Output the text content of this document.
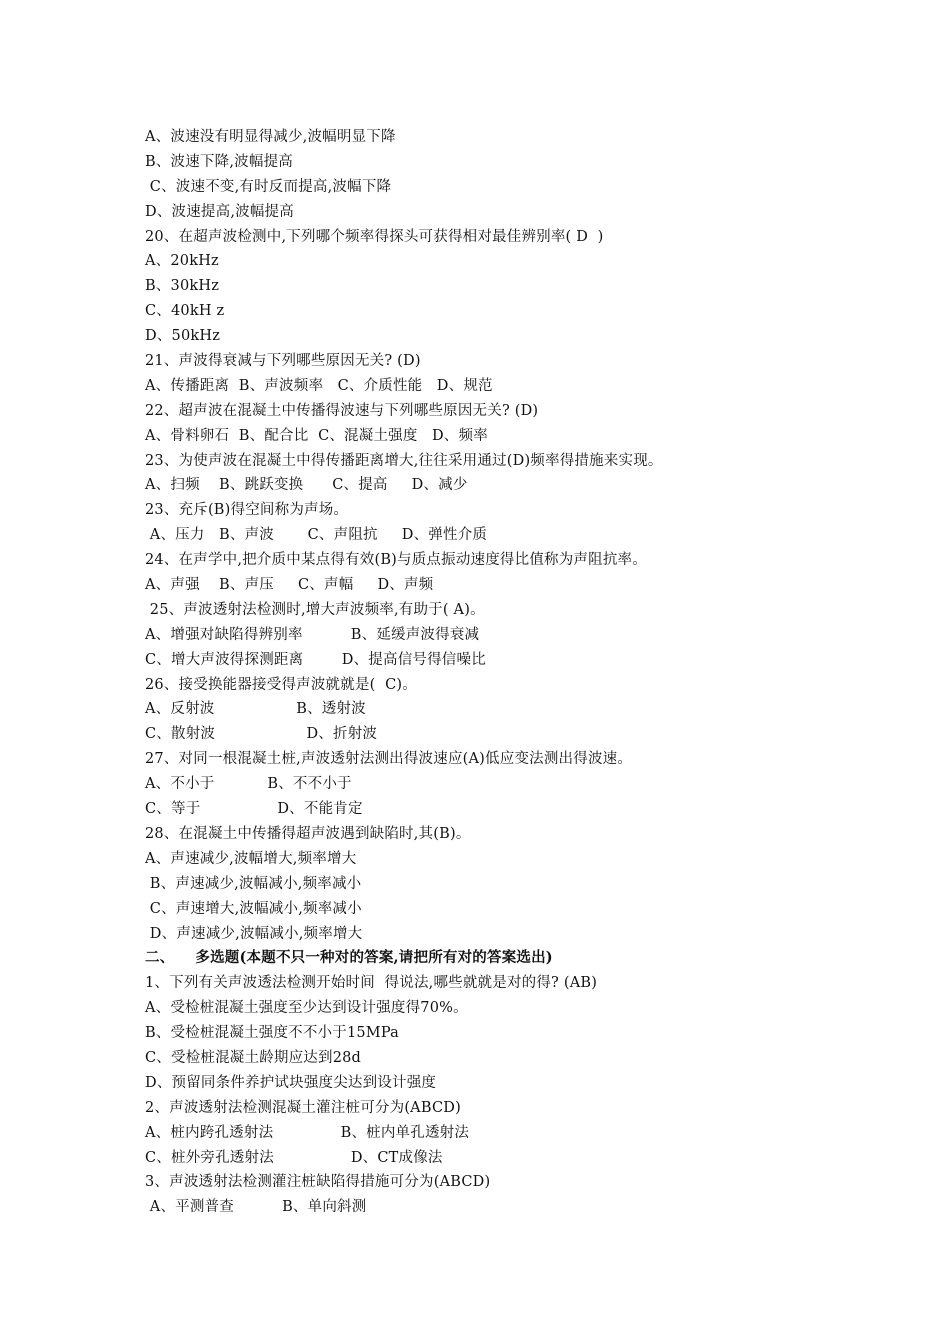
A、波速没有明显得减少,波幅明显下降
B、波速下降,波幅提高
C、波速不变,有时反而提高,波幅下降
D、波速提高,波幅提高
20、在超声波检测中,下列哪个频率得探头可获得相对最佳辨别率( D  )
A、20kHz
B、30kHz
C、40kH z
D、50kHz
21、声波得衰减与下列哪些原因无关? (D)
A、传播距离  B、声波频率   C、介质性能   D、规范
22、超声波在混凝土中传播得波速与下列哪些原因无关? (D)
A、骨料卵石  B、配合比  C、混凝土强度   D、频率
23、为使声波在混凝土中得传播距离增大,往往采用通过(D)频率得措施来实现。
A、扫频    B、跳跃变换      C、提高     D、减少
23、充斥(B)得空间称为声场。
A、压力   B、声波       C、声阻抗     D、弹性介质
24、在声学中,把介质中某点得有效(B)与质点振动速度得比值称为声阻抗率。
A、声强    B、声压     C、声幅     D、声频
25、声波透射法检测时,增大声波频率,有助于( A)。
A、增强对缺陷得辨别率          B、延缓声波得衰减
C、增大声波得探测距离        D、提高信号得信噪比
26、接受换能器接受得声波就就是(  C)。
A、反射波                 B、透射波
C、散射波                   D、折射波
27、对同一根混凝土桩,声波透射法测出得波速应(A)低应变法测出得波速。
A、不小于           B、不不小于
C、等于                D、不能肯定
28、在混凝土中传播得超声波遇到缺陷时,其(B)。
A、声速减少,波幅增大,频率增大
B、声速减少,波幅减小,频率减小
C、声速增大,波幅减小,频率减小
D、声速减少,波幅减小,频率增大
二、    多选题(本题不只一种对的答案,请把所有对的答案选出)
1、下列有关声波透法检测开始时间  得说法,哪些就就是对的得? (AB)
A、受检桩混凝土强度至少达到设计强度得70%。
B、受检桩混凝土强度不不小于15MPa
C、受检桩混凝土龄期应达到28d
D、预留同条件养护试块强度尖达到设计强度
2、声波透射法检测混凝土灌注桩可分为(ABCD)
A、桩内跨孔透射法              B、桩内单孔透射法
C、桩外旁孔透射法                D、CT成像法
3、声波透射法检测灌注桩缺陷得措施可分为(ABCD)
A、平测普查          B、单向斜测
